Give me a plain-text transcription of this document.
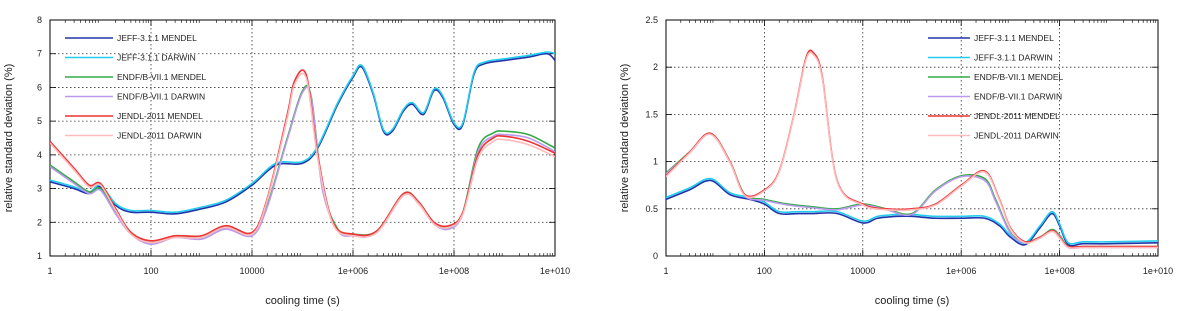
1	100	10000	1e+006	1e+008	1e+010
1
2
3
4
5
6
7
8
cooling time (s)
relative standard deviation (%)
JEFF-3.1.1 MENDEL
JEFF-3.1.1 DARWIN
ENDF/B-VII.1 MENDEL
ENDF/B-VII.1 DARWIN
JENDL-2011 MENDEL
JENDL-2011 DARWIN
1	100	10000	1e+006	1e+008	1e+010
0
0.5
1
1.5
2
2.5
cooling time (s)
relative standard deviation (%)
JEFF-3.1.1 MENDEL
JEFF-3.1.1 DARWIN
ENDF/B-VII.1 MENDEL
ENDF/B-VII.1 DARWIN
JENDL-2011 MENDEL
JENDL-2011 DARWIN
